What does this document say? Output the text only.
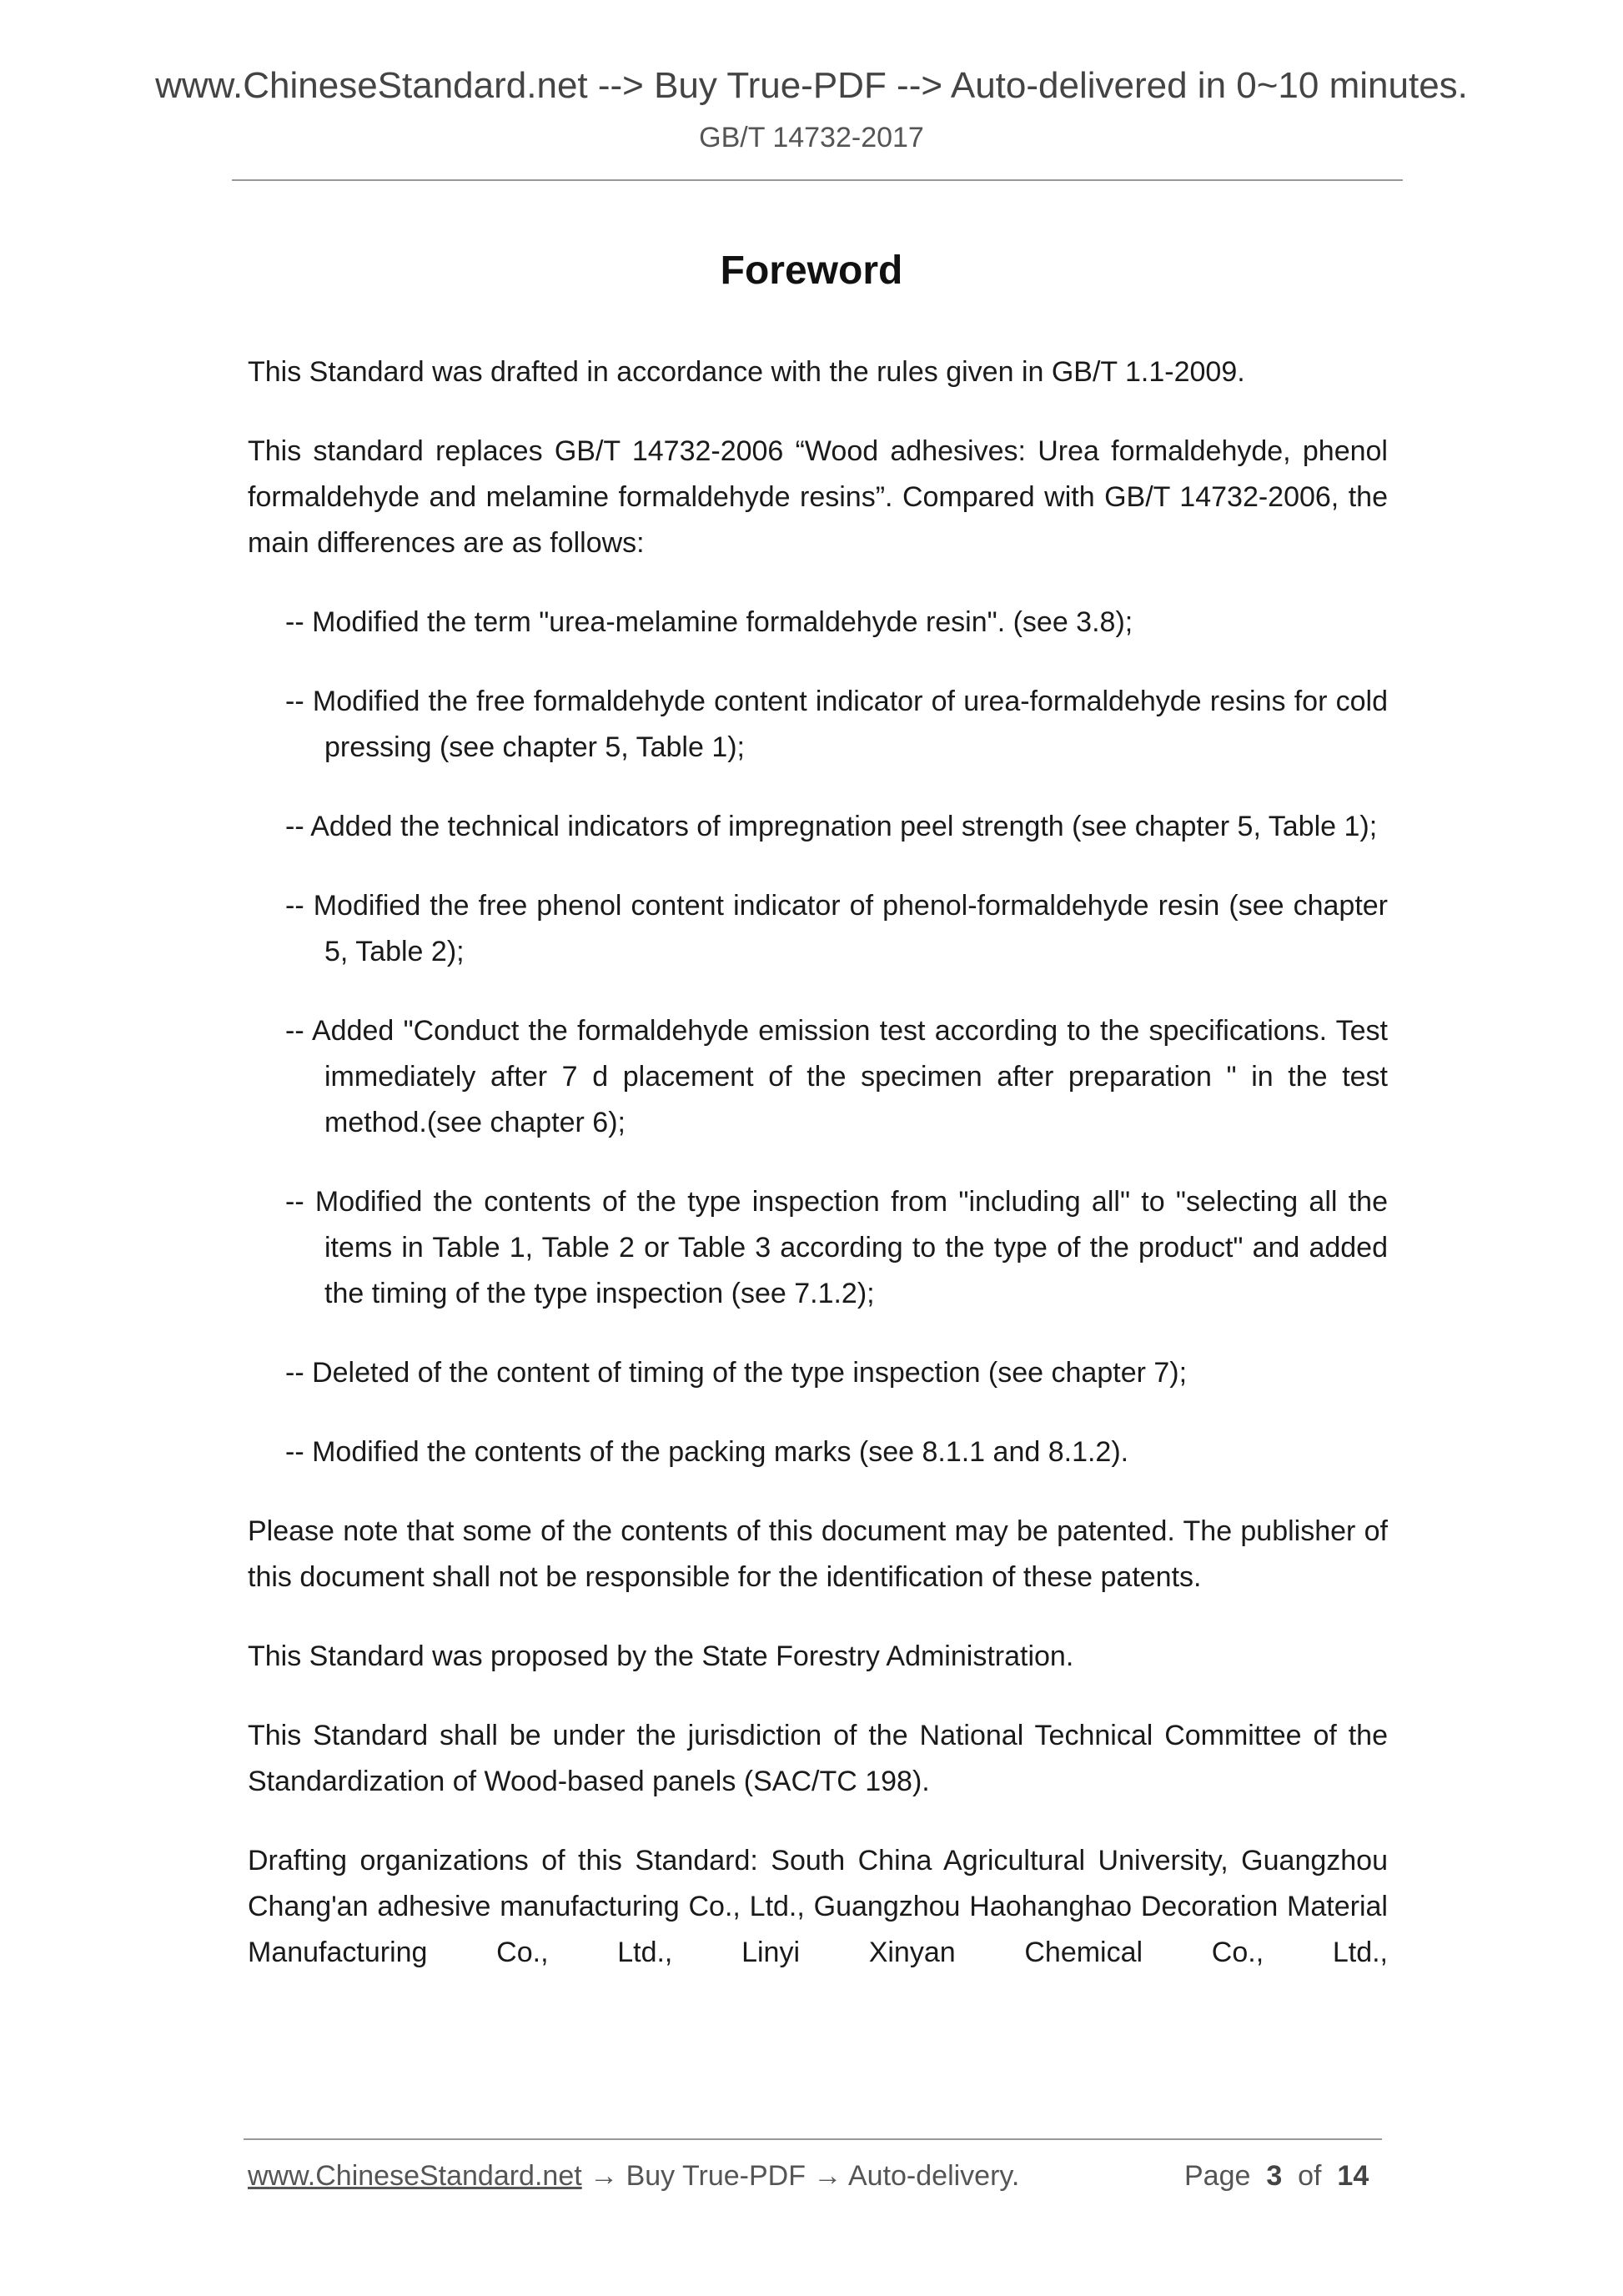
www.ChineseStandard.net --> Buy True-PDF --> Auto-delivered in 0~10 minutes.
GB/T 14732-2017
Foreword

This Standard was drafted in accordance with the rules given in GB/T 1.1-2009.

This standard replaces GB/T 14732-2006 “Wood adhesives: Urea formaldehyde, phenol formaldehyde and melamine formaldehyde resins”. Compared with GB/T 14732-2006, the main differences are as follows:

-- Modified the term "urea-melamine formaldehyde resin". (see 3.8);

-- Modified the free formaldehyde content indicator of urea-formaldehyde resins for cold pressing (see chapter 5, Table 1);

-- Added the technical indicators of impregnation peel strength (see chapter 5, Table 1);

-- Modified the free phenol content indicator of phenol-formaldehyde resin (see chapter 5, Table 2);

-- Added "Conduct the formaldehyde emission test according to the specifications. Test immediately after 7 d placement of the specimen after preparation " in the test method.(see chapter 6);

-- Modified the contents of the type inspection from "including all" to "selecting all the items in Table 1, Table 2 or Table 3 according to the type of the product" and added the timing of the type inspection (see 7.1.2);

-- Deleted of the content of timing of the type inspection (see chapter 7);

-- Modified the contents of the packing marks (see 8.1.1 and 8.1.2).

Please note that some of the contents of this document may be patented. The publisher of this document shall not be responsible for the identification of these patents.

This Standard was proposed by the State Forestry Administration.

This Standard shall be under the jurisdiction of the National Technical Committee of the Standardization of Wood-based panels (SAC/TC 198).

Drafting organizations of this Standard: South China Agricultural University, Guangzhou Chang'an adhesive manufacturing Co., Ltd., Guangzhou Haohanghao Decoration Material Manufacturing Co., Ltd., Linyi Xinyan Chemical Co., Ltd.,

www.ChineseStandard.net → Buy True-PDF → Auto-delivery.	Page 3 of 14
